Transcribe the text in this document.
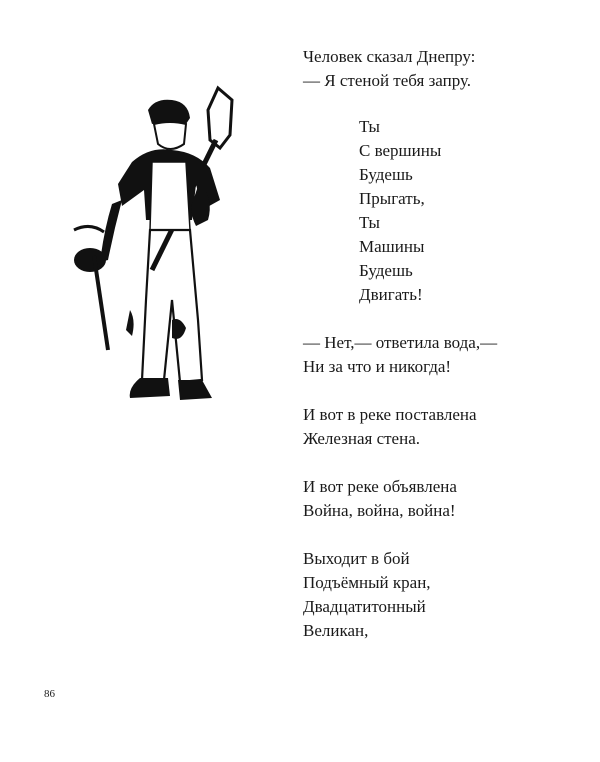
Человек сказал Днепру:
— Я стеной тебя запру.
Ты
С вершины
Будешь
Прыгать,
Ты
Машины
Будешь
Двигать!
— Нет,— ответила вода,—
Ни за что и никогда!
И вот в реке поставлена
Железная стена.
И вот реке объявлена
Война, война, война!
Выходит в бой
Подъёмный кран,
Двадцатитонный
Великан,
86
